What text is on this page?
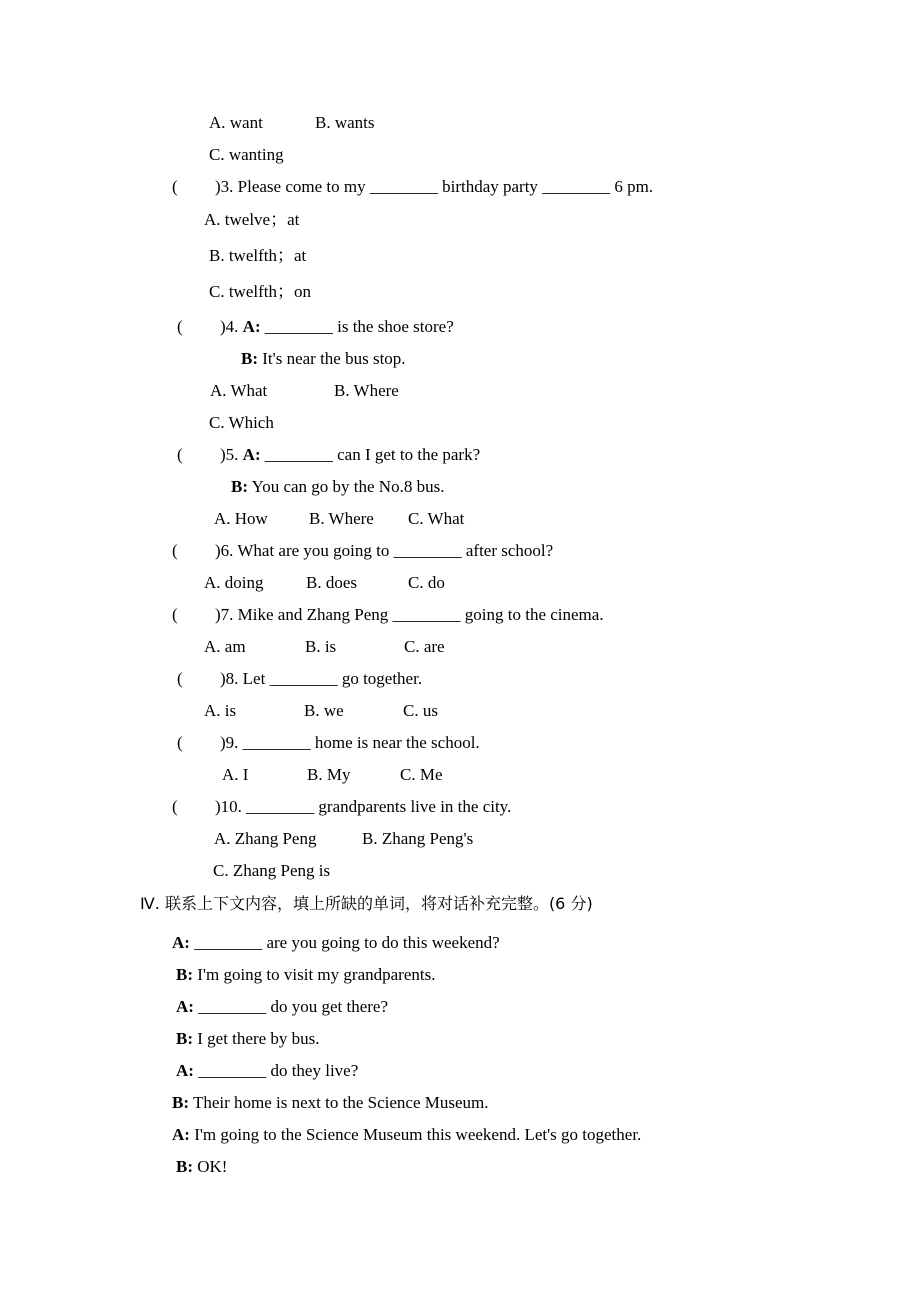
A. want	B. wants
C. wanting
( )3. Please come to my ________ birthday party ________ 6 pm.
A. twelve；at
B. twelfth；at
C. twelfth；on
( )4. A: ________ is the shoe store?
B: It's near the bus stop.
A. What	B. Where
C. Which
( )5. A: ________ can I get to the park?
B: You can go by the No.8 bus.
A. How B. Where C. What
( )6. What are you going to ________ after school?
A. doing	B. does	C. do
( )7. Mike and Zhang Peng ________ going to the cinema.
A. am	B. is	C. are
( )8. Let ________ go together.
A. is	B. we	C. us
( )9. ________ home is near the school.
A. I	B. My	C. Me
( )10. ________ grandparents live in the city.
A. Zhang Peng	B. Zhang Peng's
C. Zhang Peng is
Ⅳ. 联系上下文内容，填上所缺的单词，将对话补充完整。(6 分)
A: ________ are you going to do this weekend?
B: I'm going to visit my grandparents.
A: ________ do you get there?
B: I get there by bus.
A: ________ do they live?
B: Their home is next to the Science Museum.
A: I'm going to the Science Museum this weekend. Let's go together.
B: OK!
